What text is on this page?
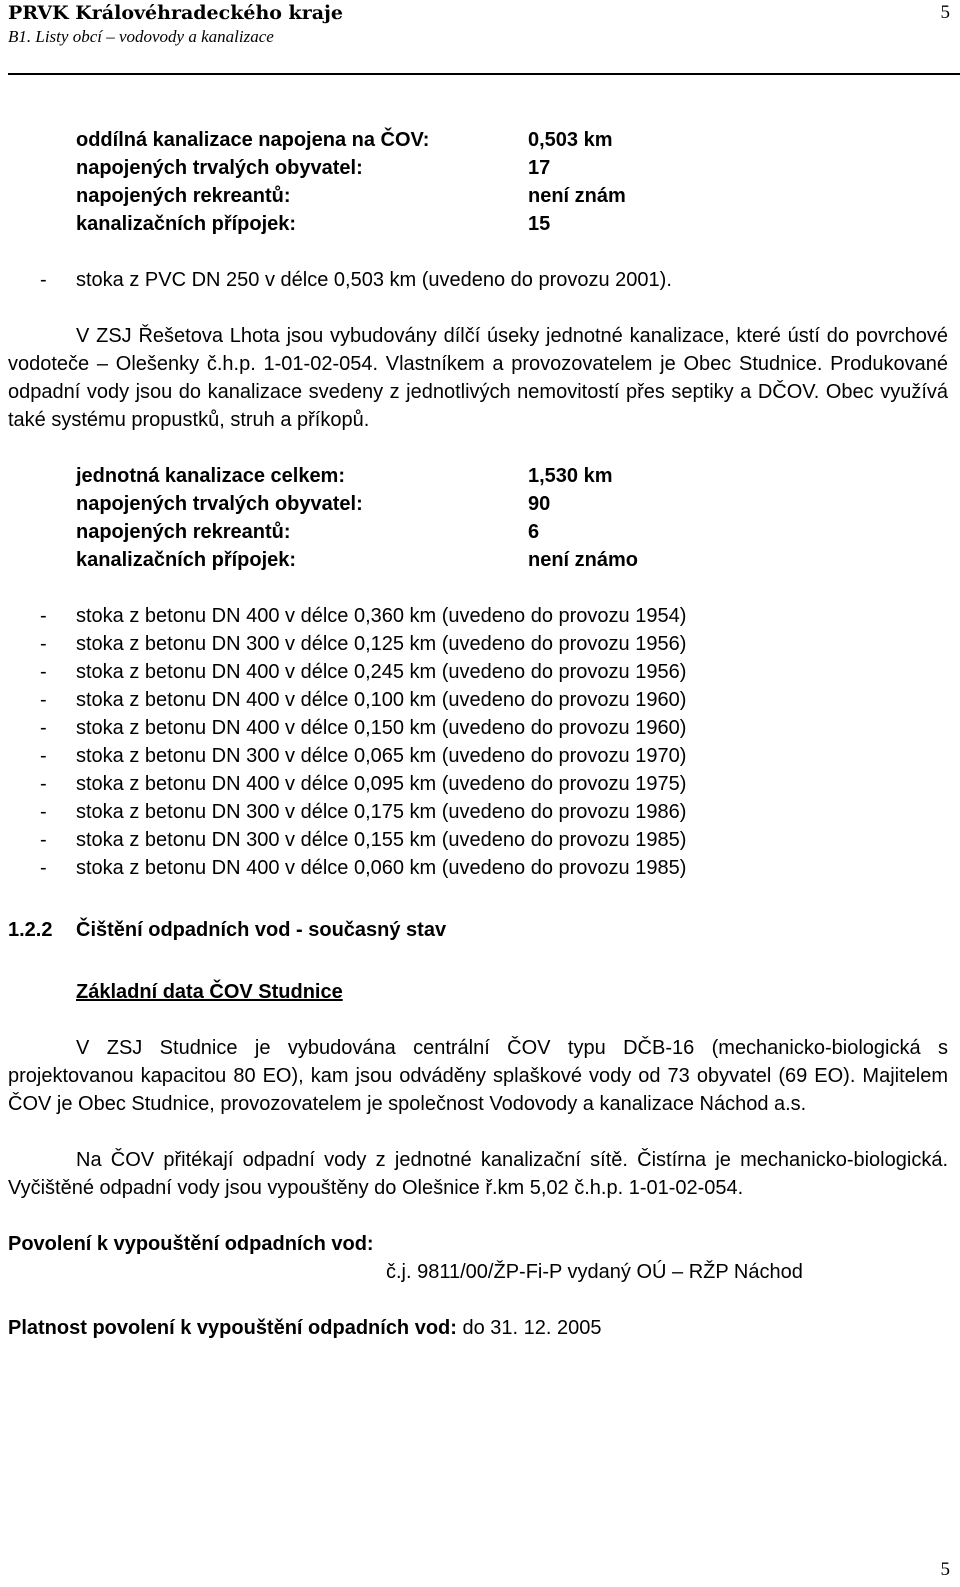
PRVK Královéhradeckého kraje
B1. Listy obcí – vodovody a kanalizace
5
oddílná kanalizace napojena na ČOV:	0,503 km
napojených trvalých obyvatel:	17
napojených rekreantů:	není znám
kanalizačních přípojek:	15
- stoka z PVC DN 250 v délce 0,503 km (uvedeno do provozu 2001).
V ZSJ Řešetova Lhota jsou vybudovány dílčí úseky jednotné kanalizace, které ústí do povrchové vodoteče – Olešenky č.h.p. 1-01-02-054. Vlastníkem a provozovatelem je Obec Studnice. Produkované odpadní vody jsou do kanalizace svedeny z jednotlivých nemovitostí přes septiky a DČOV. Obec využívá také systému propustků, struh a příkopů.
jednotná kanalizace celkem:	1,530 km
napojených trvalých obyvatel:	90
napojených rekreantů:	6
kanalizačních přípojek:	není známo
- stoka z betonu DN 400 v délce 0,360 km (uvedeno do provozu 1954)
- stoka z betonu DN 300 v délce 0,125 km (uvedeno do provozu 1956)
- stoka z betonu DN 400 v délce 0,245 km (uvedeno do provozu 1956)
- stoka z betonu DN 400 v délce 0,100 km (uvedeno do provozu 1960)
- stoka z betonu DN 400 v délce 0,150 km (uvedeno do provozu 1960)
- stoka z betonu DN 300 v délce 0,065 km (uvedeno do provozu 1970)
- stoka z betonu DN 400 v délce 0,095 km (uvedeno do provozu 1975)
- stoka z betonu DN 300 v délce 0,175 km (uvedeno do provozu 1986)
- stoka z betonu DN 300 v délce 0,155 km (uvedeno do provozu 1985)
- stoka z betonu DN 400 v délce 0,060 km (uvedeno do provozu 1985)
1.2.2 Čištění odpadních vod - současný stav
Základní data ČOV Studnice
V ZSJ Studnice je vybudována centrální ČOV typu DČB-16 (mechanicko-biologická s projektovanou kapacitou 80 EO), kam jsou odváděny splaškové vody od 73 obyvatel (69 EO). Majitelem ČOV je Obec Studnice, provozovatelem je společnost Vodovody a kanalizace Náchod a.s.
Na ČOV přitékají odpadní vody z jednotné kanalizační sítě. Čistírna je mechanicko-biologická. Vyčištěné odpadní vody jsou vypouštěny do Olešnice ř.km 5,02 č.h.p. 1-01-02-054.
Povolení k vypouštění odpadních vod:
č.j. 9811/00/ŽP-Fi-P vydaný OÚ – RŽP Náchod
Platnost povolení k vypouštění odpadních vod: do 31. 12. 2005
5
